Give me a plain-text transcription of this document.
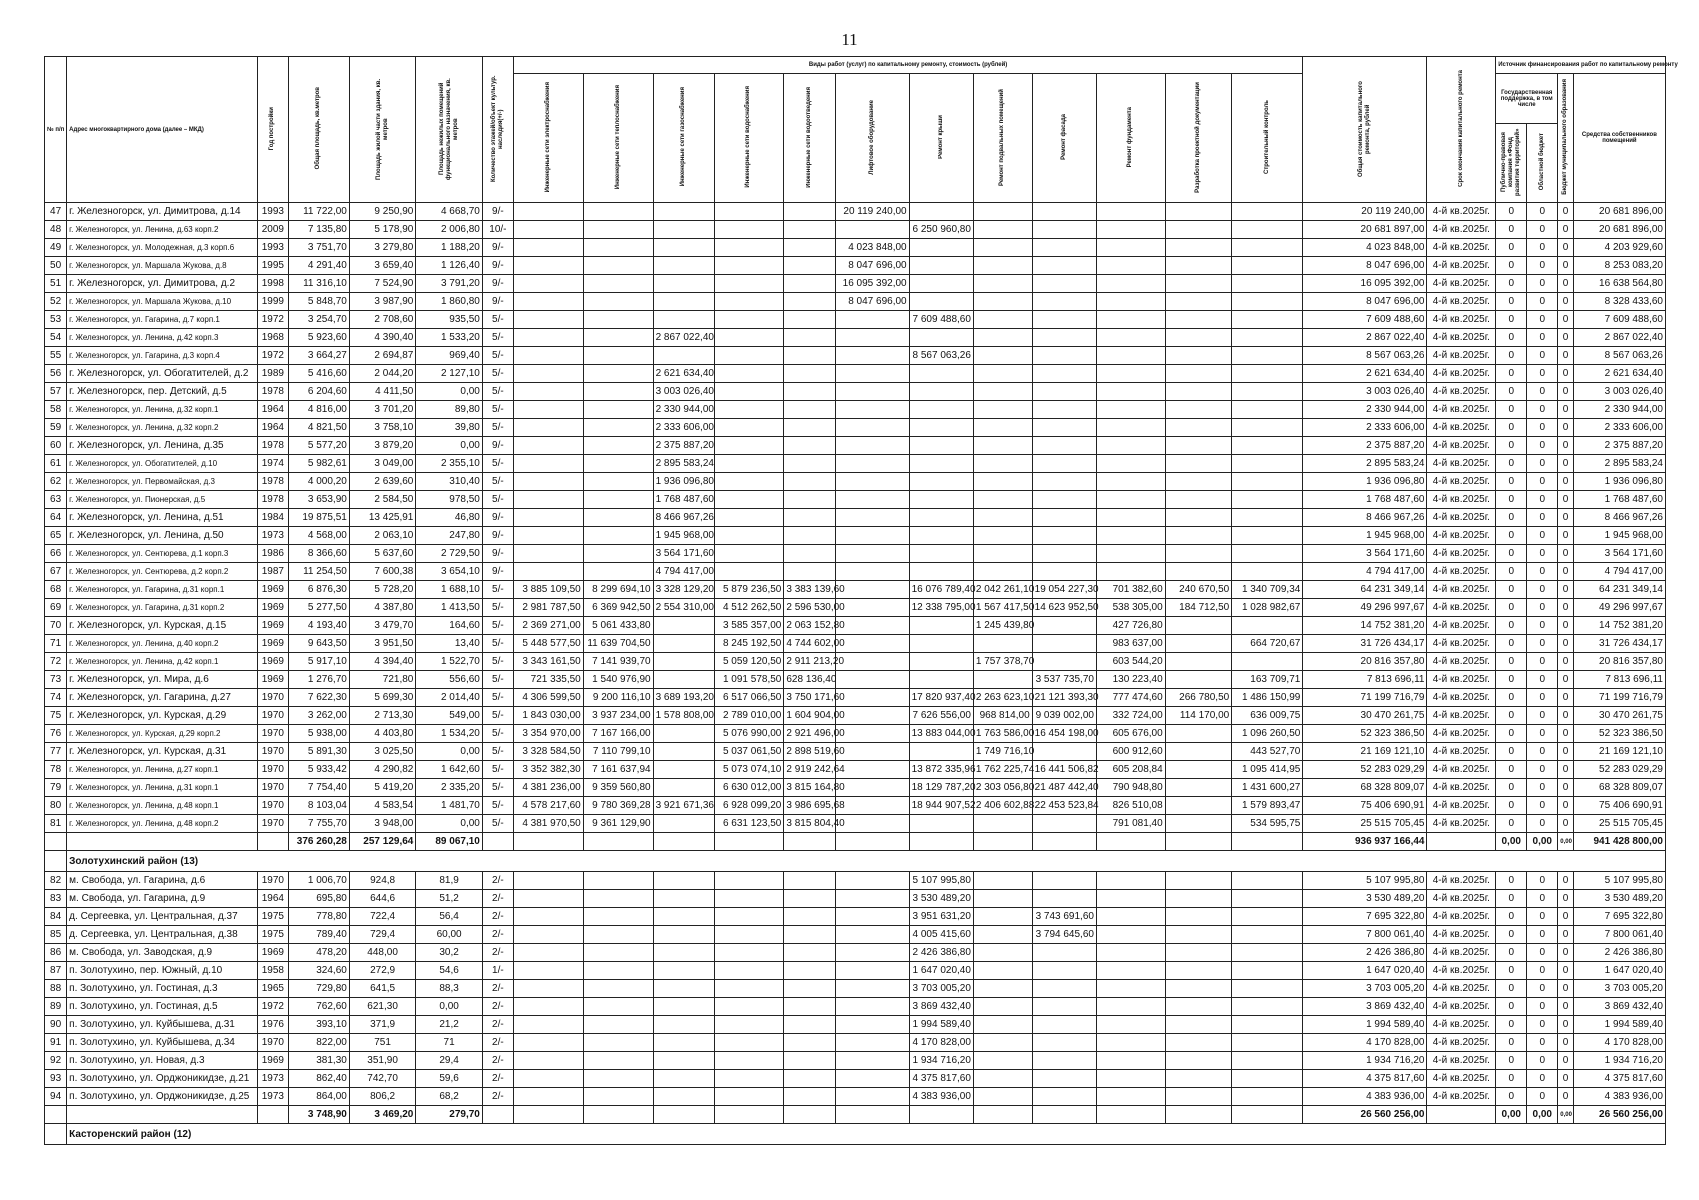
11
№ п/п	Адрес многоквартирного дома (далее – МКД)	Год постройки	Общая площадь, кв.метров	Площадь жилой части здания, кв. метров	Площадь нежилых помещений функционального назначения, кв. метров	Количество этажей/объект культур. наследия(+/-)	Виды работ (услуг) по капитальному ремонту, стоимость (рублей)												Общая стоимость капитального ремонта, рублей	Срок окончания капитального ремонта	Источник финансирования работ по капитальному ремонту			
							Инженерные сети электроснабжения	Инженерные сети теплоснабжения	Инженерные сети газоснабжения	Инженерные сети водоснабжения	Инженерные сети водоотведения	Лифтовое оборудование	Ремонт крыши	Ремонт подвальных помещений	Ремонт фасада	Ремонт фундамента	Разработка проектной документации	Строительный контроль			Государственная поддержка, в том числе		Бюджет муниципального образования	Средства собственников помещений
																					Публично-правовая компания «Фонд развития территорий»	Областной бюджет		
47	г. Железногорск, ул. Димитрова, д.14	1993	11 722,00	9 250,90	4 668,70	9/-						20 119 240,00							20 119 240,00	4-й кв.2025г.	0	0	0	20 681 896,00
48	г. Железногорск, ул. Ленина, д.63 корп.2	2009	7 135,80	5 178,90	2 006,80	10/-							6 250 960,80						20 681 897,00	4-й кв.2025г.	0	0	0	20 681 896,00
49	г. Железногорск, ул. Молодежная, д.3 корп.6	1993	3 751,70	3 279,80	1 188,20	9/-						4 023 848,00							4 023 848,00	4-й кв.2025г.	0	0	0	4 203 929,60
50	г. Железногорск, ул. Маршала Жукова, д.8	1995	4 291,40	3 659,40	1 126,40	9/-						8 047 696,00							8 047 696,00	4-й кв.2025г.	0	0	0	8 253 083,20
51	г. Железногорск, ул. Димитрова, д.2	1998	11 316,10	7 524,90	3 791,20	9/-						16 095 392,00							16 095 392,00	4-й кв.2025г.	0	0	0	16 638 564,80
52	г. Железногорск, ул. Маршала Жукова, д.10	1999	5 848,70	3 987,90	1 860,80	9/-						8 047 696,00							8 047 696,00	4-й кв.2025г.	0	0	0	8 328 433,60
53	г. Железногорск, ул. Гагарина, д.7 корп.1	1972	3 254,70	2 708,60	935,50	5/-							7 609 488,60						7 609 488,60	4-й кв.2025г.	0	0	0	7 609 488,60
54	г. Железногорск, ул. Ленина, д.42 корп.3	1968	5 923,60	4 390,40	1 533,20	5/-			2 867 022,40										2 867 022,40	4-й кв.2025г.	0	0	0	2 867 022,40
55	г. Железногорск, ул. Гагарина, д.3 корп.4	1972	3 664,27	2 694,87	969,40	5/-							8 567 063,26						8 567 063,26	4-й кв.2025г.	0	0	0	8 567 063,26
56	г. Железногорск, ул. Обогатителей, д.2	1989	5 416,60	2 044,20	2 127,10	5/-			2 621 634,40										2 621 634,40	4-й кв.2025г.	0	0	0	2 621 634,40
57	г. Железногорск, пер. Детский, д.5	1978	6 204,60	4 411,50	0,00	5/-			3 003 026,40										3 003 026,40	4-й кв.2025г.	0	0	0	3 003 026,40
58	г. Железногорск, ул. Ленина, д.32 корп.1	1964	4 816,00	3 701,20	89,80	5/-			2 330 944,00										2 330 944,00	4-й кв.2025г.	0	0	0	2 330 944,00
59	г. Железногорск, ул. Ленина, д.32 корп.2	1964	4 821,50	3 758,10	39,80	5/-			2 333 606,00										2 333 606,00	4-й кв.2025г.	0	0	0	2 333 606,00
60	г. Железногорск, ул. Ленина, д.35	1978	5 577,20	3 879,20	0,00	9/-			2 375 887,20										2 375 887,20	4-й кв.2025г.	0	0	0	2 375 887,20
61	г. Железногорск, ул. Обогатителей, д.10	1974	5 982,61	3 049,00	2 355,10	5/-			2 895 583,24										2 895 583,24	4-й кв.2025г.	0	0	0	2 895 583,24
62	г. Железногорск, ул. Первомайская, д.3	1978	4 000,20	2 639,60	310,40	5/-			1 936 096,80										1 936 096,80	4-й кв.2025г.	0	0	0	1 936 096,80
63	г. Железногорск, ул. Пионерская, д.5	1978	3 653,90	2 584,50	978,50	5/-			1 768 487,60										1 768 487,60	4-й кв.2025г.	0	0	0	1 768 487,60
64	г. Железногорск, ул. Ленина, д.51	1984	19 875,51	13 425,91	46,80	9/-			8 466 967,26										8 466 967,26	4-й кв.2025г.	0	0	0	8 466 967,26
65	г. Железногорск, ул. Ленина, д.50	1973	4 568,00	2 063,10	247,80	9/-			1 945 968,00										1 945 968,00	4-й кв.2025г.	0	0	0	1 945 968,00
66	г. Железногорск, ул. Сентюрева, д.1 корп.3	1986	8 366,60	5 637,60	2 729,50	9/-			3 564 171,60										3 564 171,60	4-й кв.2025г.	0	0	0	3 564 171,60
67	г. Железногорск, ул. Сентюрева, д.2 корп.2	1987	11 254,50	7 600,38	3 654,10	9/-			4 794 417,00										4 794 417,00	4-й кв.2025г.	0	0	0	4 794 417,00
68	г. Железногорск, ул. Гагарина, д.31 корп.1	1969	6 876,30	5 728,20	1 688,10	5/-	3 885 109,50	8 299 694,10	3 328 129,20	5 879 236,50	3 383 139,60		16 076 789,40	2 042 261,10	19 054 227,30	701 382,60	240 670,50	1 340 709,34	64 231 349,14	4-й кв.2025г.	0	0	0	64 231 349,14
69	г. Железногорск, ул. Гагарина, д.31 корп.2	1969	5 277,50	4 387,80	1 413,50	5/-	2 981 787,50	6 369 942,50	2 554 310,00	4 512 262,50	2 596 530,00		12 338 795,00	1 567 417,50	14 623 952,50	538 305,00	184 712,50	1 028 982,67	49 296 997,67	4-й кв.2025г.	0	0	0	49 296 997,67
70	г. Железногорск, ул. Курская, д.15	1969	4 193,40	3 479,70	164,60	5/-	2 369 271,00	5 061 433,80		3 585 357,00	2 063 152,80			1 245 439,80		427 726,80			14 752 381,20	4-й кв.2025г.	0	0	0	14 752 381,20
71	г. Железногорск, ул. Ленина, д.40 корп.2	1969	9 643,50	3 951,50	13,40	5/-	5 448 577,50	11 639 704,50		8 245 192,50	4 744 602,00					983 637,00		664 720,67	31 726 434,17	4-й кв.2025г.	0	0	0	31 726 434,17
72	г. Железногорск, ул. Ленина, д.42 корп.1	1969	5 917,10	4 394,40	1 522,70	5/-	3 343 161,50	7 141 939,70		5 059 120,50	2 911 213,20			1 757 378,70		603 544,20			20 816 357,80	4-й кв.2025г.	0	0	0	20 816 357,80
73	г. Железногорск, ул. Мира, д.6	1969	1 276,70	721,80	556,60	5/-	721 335,50	1 540 976,90		1 091 578,50	628 136,40				3 537 735,70	130 223,40		163 709,71	7 813 696,11	4-й кв.2025г.	0	0	0	7 813 696,11
74	г. Железногорск, ул. Гагарина, д.27	1970	7 622,30	5 699,30	2 014,40	5/-	4 306 599,50	9 200 116,10	3 689 193,20	6 517 066,50	3 750 171,60		17 820 937,40	2 263 623,10	21 121 393,30	777 474,60	266 780,50	1 486 150,99	71 199 716,79	4-й кв.2025г.	0	0	0	71 199 716,79
75	г. Железногорск, ул. Курская, д.29	1970	3 262,00	2 713,30	549,00	5/-	1 843 030,00	3 937 234,00	1 578 808,00	2 789 010,00	1 604 904,00		7 626 556,00	968 814,00	9 039 002,00	332 724,00	114 170,00	636 009,75	30 470 261,75	4-й кв.2025г.	0	0	0	30 470 261,75
76	г. Железногорск, ул. Курская, д.29 корп.2	1970	5 938,00	4 403,80	1 534,20	5/-	3 354 970,00	7 167 166,00		5 076 990,00	2 921 496,00		13 883 044,00	1 763 586,00	16 454 198,00	605 676,00		1 096 260,50	52 323 386,50	4-й кв.2025г.	0	0	0	52 323 386,50
77	г. Железногорск, ул. Курская, д.31	1970	5 891,30	3 025,50	0,00	5/-	3 328 584,50	7 110 799,10		5 037 061,50	2 898 519,60			1 749 716,10		600 912,60		443 527,70	21 169 121,10	4-й кв.2025г.	0	0	0	21 169 121,10
78	г. Железногорск, ул. Ленина, д.27 корп.1	1970	5 933,42	4 290,82	1 642,60	5/-	3 352 382,30	7 161 637,94		5 073 074,10	2 919 242,64		13 872 335,96	1 762 225,74	16 441 506,82	605 208,84		1 095 414,95	52 283 029,29	4-й кв.2025г.	0	0	0	52 283 029,29
79	г. Железногорск, ул. Ленина, д.31 корп.1	1970	7 754,40	5 419,20	2 335,20	5/-	4 381 236,00	9 359 560,80		6 630 012,00	3 815 164,80		18 129 787,20	2 303 056,80	21 487 442,40	790 948,80		1 431 600,27	68 328 809,07	4-й кв.2025г.	0	0	0	68 328 809,07
80	г. Железногорск, ул. Ленина, д.48 корп.1	1970	8 103,04	4 583,54	1 481,70	5/-	4 578 217,60	9 780 369,28	3 921 671,36	6 928 099,20	3 986 695,68		18 944 907,52	2 406 602,88	22 453 523,84	826 510,08		1 579 893,47	75 406 690,91	4-й кв.2025г.	0	0	0	75 406 690,91
81	г. Железногорск, ул. Ленина, д.48 корп.2	1970	7 755,70	3 948,00	0,00	5/-	4 381 970,50	9 361 129,90		6 631 123,50	3 815 804,40					791 081,40		534 595,75	25 515 705,45	4-й кв.2025г.	0	0	0	25 515 705,45
			376 260,28	257 129,64	89 067,10														936 937 166,44		0,00	0,00	0,00	941 428 800,00
	Золотухинский район (13)																							
82	м. Свобода, ул. Гагарина, д.6	1970	1 006,70	924,8	81,9	2/-							5 107 995,80						5 107 995,80	4-й кв.2025г.	0	0	0	5 107 995,80
83	м. Свобода, ул. Гагарина, д.9	1964	695,80	644,6	51,2	2/-							3 530 489,20						3 530 489,20	4-й кв.2025г.	0	0	0	3 530 489,20
84	д. Сергеевка, ул. Центральная, д.37	1975	778,80	722,4	56,4	2/-							3 951 631,20		3 743 691,60				7 695 322,80	4-й кв.2025г.	0	0	0	7 695 322,80
85	д. Сергеевка, ул. Центральная, д.38	1975	789,40	729,4	60,00	2/-							4 005 415,60		3 794 645,60				7 800 061,40	4-й кв.2025г.	0	0	0	7 800 061,40
86	м. Свобода, ул. Заводская, д.9	1969	478,20	448,00	30,2	2/-							2 426 386,80						2 426 386,80	4-й кв.2025г.	0	0	0	2 426 386,80
87	п. Золотухино, пер. Южный, д.10	1958	324,60	272,9	54,6	1/-							1 647 020,40						1 647 020,40	4-й кв.2025г.	0	0	0	1 647 020,40
88	п. Золотухино, ул. Гостиная, д.3	1965	729,80	641,5	88,3	2/-							3 703 005,20						3 703 005,20	4-й кв.2025г.	0	0	0	3 703 005,20
89	п. Золотухино, ул. Гостиная, д.5	1972	762,60	621,30	0,00	2/-							3 869 432,40						3 869 432,40	4-й кв.2025г.	0	0	0	3 869 432,40
90	п. Золотухино, ул. Куйбышева, д.31	1976	393,10	371,9	21,2	2/-							1 994 589,40						1 994 589,40	4-й кв.2025г.	0	0	0	1 994 589,40
91	п. Золотухино, ул. Куйбышева, д.34	1970	822,00	751	71	2/-							4 170 828,00						4 170 828,00	4-й кв.2025г.	0	0	0	4 170 828,00
92	п. Золотухино, ул. Новая, д.3	1969	381,30	351,90	29,4	2/-							1 934 716,20						1 934 716,20	4-й кв.2025г.	0	0	0	1 934 716,20
93	п. Золотухино, ул. Орджоникидзе, д.21	1973	862,40	742,70	59,6	2/-							4 375 817,60						4 375 817,60	4-й кв.2025г.	0	0	0	4 375 817,60
94	п. Золотухино, ул. Орджоникидзе, д.25	1973	864,00	806,2	68,2	2/-							4 383 936,00						4 383 936,00	4-й кв.2025г.	0	0	0	4 383 936,00
			3 748,90	3 469,20	279,70														26 560 256,00		0,00	0,00	0,00	26 560 256,00
	Касторенский район (12)																							
